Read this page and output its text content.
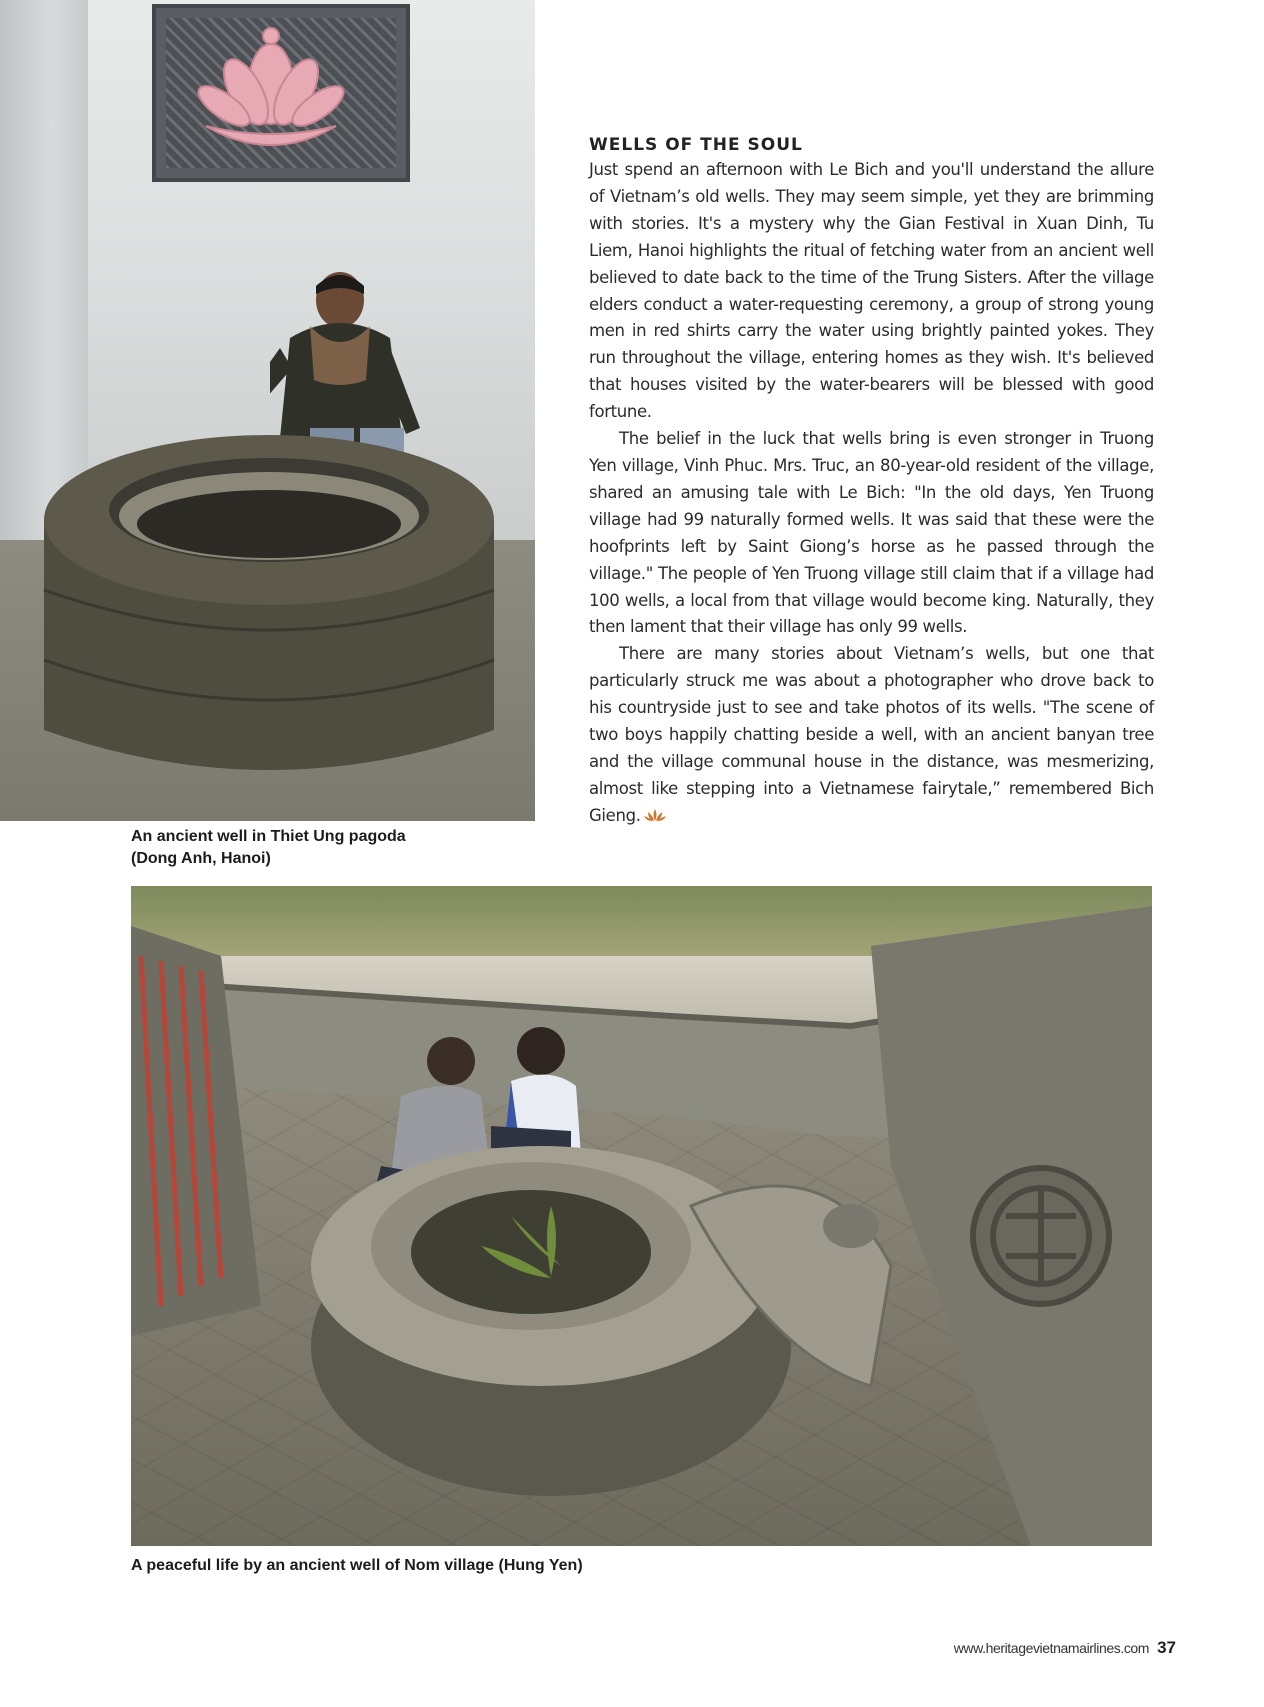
An ancient well in Thiet Ung pagoda
(Dong Anh, Hanoi)
WELLS OF THE SOUL

Just spend an afternoon with Le Bich and you'll understand the allure of Vietnam’s old wells. They may seem simple, yet they are brimming with stories. It's a mystery why the Gian Festival in Xuan Dinh, Tu Liem, Hanoi highlights the ritual of fetching water from an ancient well believed to date back to the time of the Trung Sisters. After the village elders conduct a water-requesting ceremony, a group of strong young men in red shirts carry the water using brightly painted yokes. They run throughout the village, entering homes as they wish. It's believed that houses visited by the water-bearers will be blessed with good fortune.

The belief in the luck that wells bring is even stronger in Truong Yen village, Vinh Phuc. Mrs. Truc, an 80-year-old resident of the village, shared an amusing tale with Le Bich: "In the old days, Yen Truong village had 99 naturally formed wells. It was said that these were the hoofprints left by Saint Giong’s horse as he passed through the village." The people of Yen Truong village still claim that if a village had 100 wells, a local from that village would become king. Naturally, they then lament that their village has only 99 wells.

There are many stories about Vietnam’s wells, but one that particularly struck me was about a photographer who drove back to his countryside just to see and take photos of its wells. "The scene of two boys happily chatting beside a well, with an ancient banyan tree and the village communal house in the distance, was mesmerizing, almost like stepping into a Vietnamese fairytale,” remembered Bich Gieng.

A peaceful life by an ancient well of Nom village (Hung Yen)
www.heritagevietnamairlines.com 37
